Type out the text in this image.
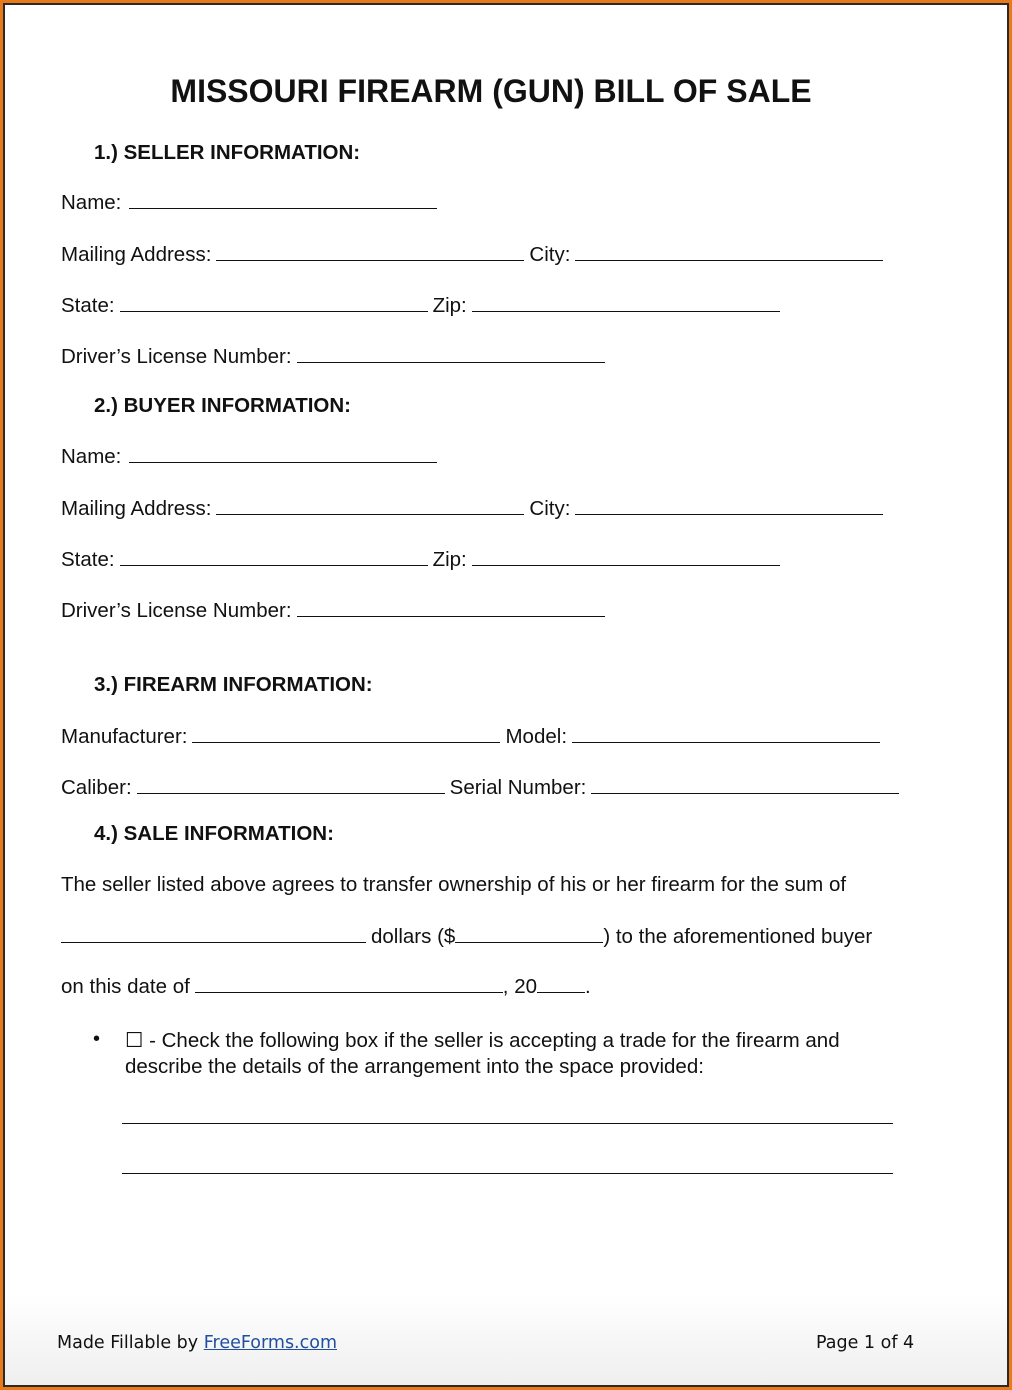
MISSOURI FIREARM (GUN) BILL OF SALE
1.) SELLER INFORMATION:
Name:
Mailing Address:	City:
State:	Zip:
Driver’s License Number:
2.) BUYER INFORMATION:
Name:
Mailing Address:	City:
State:	Zip:
Driver’s License Number:
3.) FIREARM INFORMATION:
Manufacturer:	Model:
Caliber:	Serial Number:
4.) SALE INFORMATION:
The seller listed above agrees to transfer ownership of his or her firearm for the sum of
dollars ($	) to the aforementioned buyer
on this date of	, 20 .
• ☐ - Check the following box if the seller is accepting a trade for the firearm and
describe the details of the arrangement into the space provided:
Made Fillable by FreeForms.com	Page 1 of 4
